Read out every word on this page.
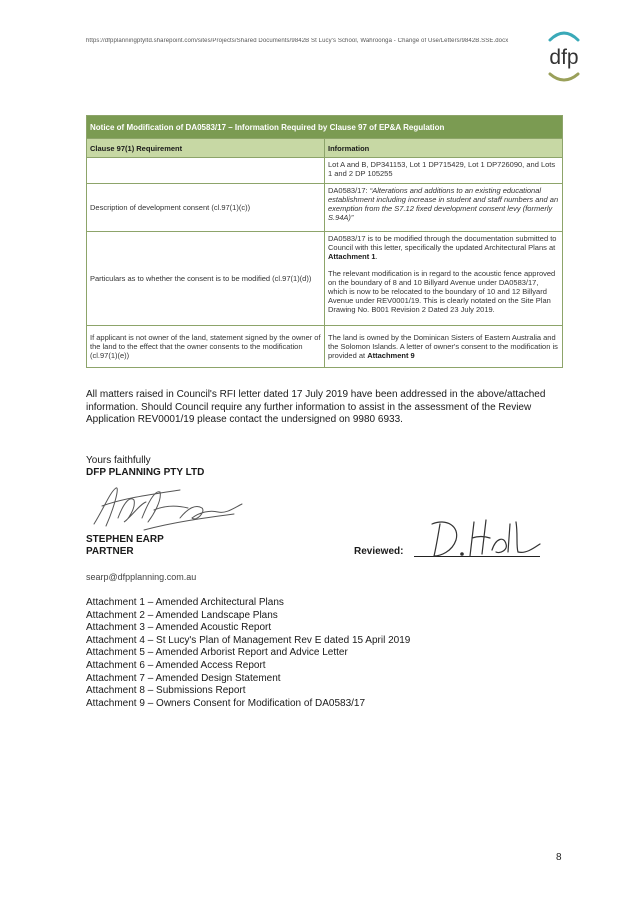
https://dfpplanningptyltd.sharepoint.com/sites/Projects/Shared Documents/9842B St Lucy's School, Wahroonga - Change of Use/Letters/9842B.SSE.docx
dfp
Notice of Modification of DA0583/17 – Information Required by Clause 97 of EP&A Regulation	
Clause 97(1) Requirement	Information
	Lot A and B, DP341153, Lot 1 DP715429, Lot 1 DP726090, and Lots 1 and 2 DP 105255
Description of development consent (cl.97(1)(c))	DA0583/17: “Alterations and additions to an existing educational establishment including increase in student and staff numbers and an exemption from the S7.12 fixed development consent levy (formerly S.94A)”
Particulars as to whether the consent is to be modified (cl.97(1)(d))	DA0583/17 is to be modified through the documentation submitted to Council with this letter, specifically the updated Architectural Plans at Attachment 1.
The relevant modification is in regard to the acoustic fence approved on the boundary of 8 and 10 Billyard Avenue under DA0583/17, which is now to be relocated to the boundary of 10 and 12 Billyard Avenue under REV0001/19. This is clearly notated on the Site Plan Drawing No. B001 Revision 2 Dated 23 July 2019.

If applicant is not owner of the land, statement signed by the owner of the land to the effect that the owner consents to the modification (cl.97(1)(e))	The land is owned by the Dominican Sisters of Eastern Australia and the Solomon Islands. A letter of owner's consent to the modification is provided at Attachment 9
All matters raised in Council's RFI letter dated 17 July 2019 have been addressed in the above/attached information. Should Council require any further information to assist in the assessment of the Review Application REV0001/19 please contact the undersigned on 9980 6933.
Yours faithfully
DFP PLANNING PTY LTD
STEPHEN EARP
PARTNER	Reviewed:
searp@dfpplanning.com.au
Attachment 1 – Amended Architectural Plans
Attachment 2 – Amended Landscape Plans
Attachment 3 – Amended Acoustic Report
Attachment 4 – St Lucy's Plan of Management Rev E dated 15 April 2019
Attachment 5 – Amended Arborist Report and Advice Letter
Attachment 6 – Amended Access Report
Attachment 7 – Amended Design Statement
Attachment 8 – Submissions Report
Attachment 9 – Owners Consent for Modification of DA0583/17
8
